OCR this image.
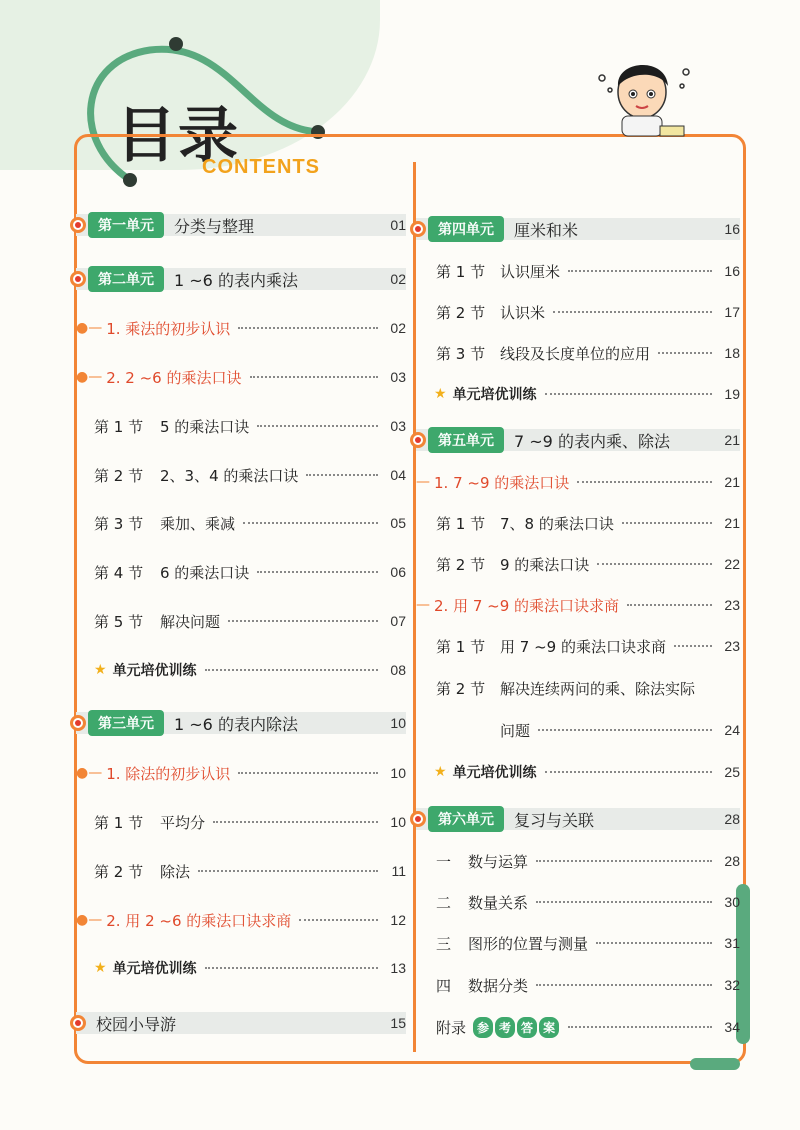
目录
CONTENTS
第一单元	分类与整理	01
第二单元	1 ~6 的表内乘法	02
●— 1. 乘法的初步认识	02
●— 2. 2 ~6 的乘法口诀	03
第 1 节	5 的乘法口诀	03
第 2 节	2、3、4 的乘法口诀	04
第 3 节	乘加、乘减	05
第 4 节	6 的乘法口诀	06
第 5 节	解决问题	07
★ 单元培优训练	08
第三单元	1 ~6 的表内除法	10
●— 1. 除法的初步认识	10
第 1 节	平均分	10
第 2 节	除法	11
●— 2. 用 2 ~6 的乘法口诀求商	12
★ 单元培优训练	13
校园小导游	15
第四单元	厘米和米	16
第 1 节 认识厘米	16
第 2 节 认识米	17
第 3 节 线段及长度单位的应用	18
★ 单元培优训练	19
第五单元	7 ~9 的表内乘、除法	21
— 1. 7 ~9 的乘法口诀	21
第 1 节 7、8 的乘法口诀	21
第 2 节 9 的乘法口诀	22
— 2. 用 7 ~9 的乘法口诀求商	23
第 1 节 用 7 ~9 的乘法口诀求商	23
第 2 节 解决连续两问的乘、除法实际
问题	24
★ 单元培优训练	25
第六单元	复习与关联	28
一	数与运算	28
二	数量关系	30
三	图形的位置与测量	31
四	数据分类	32
附录 参 考 答 案	34
